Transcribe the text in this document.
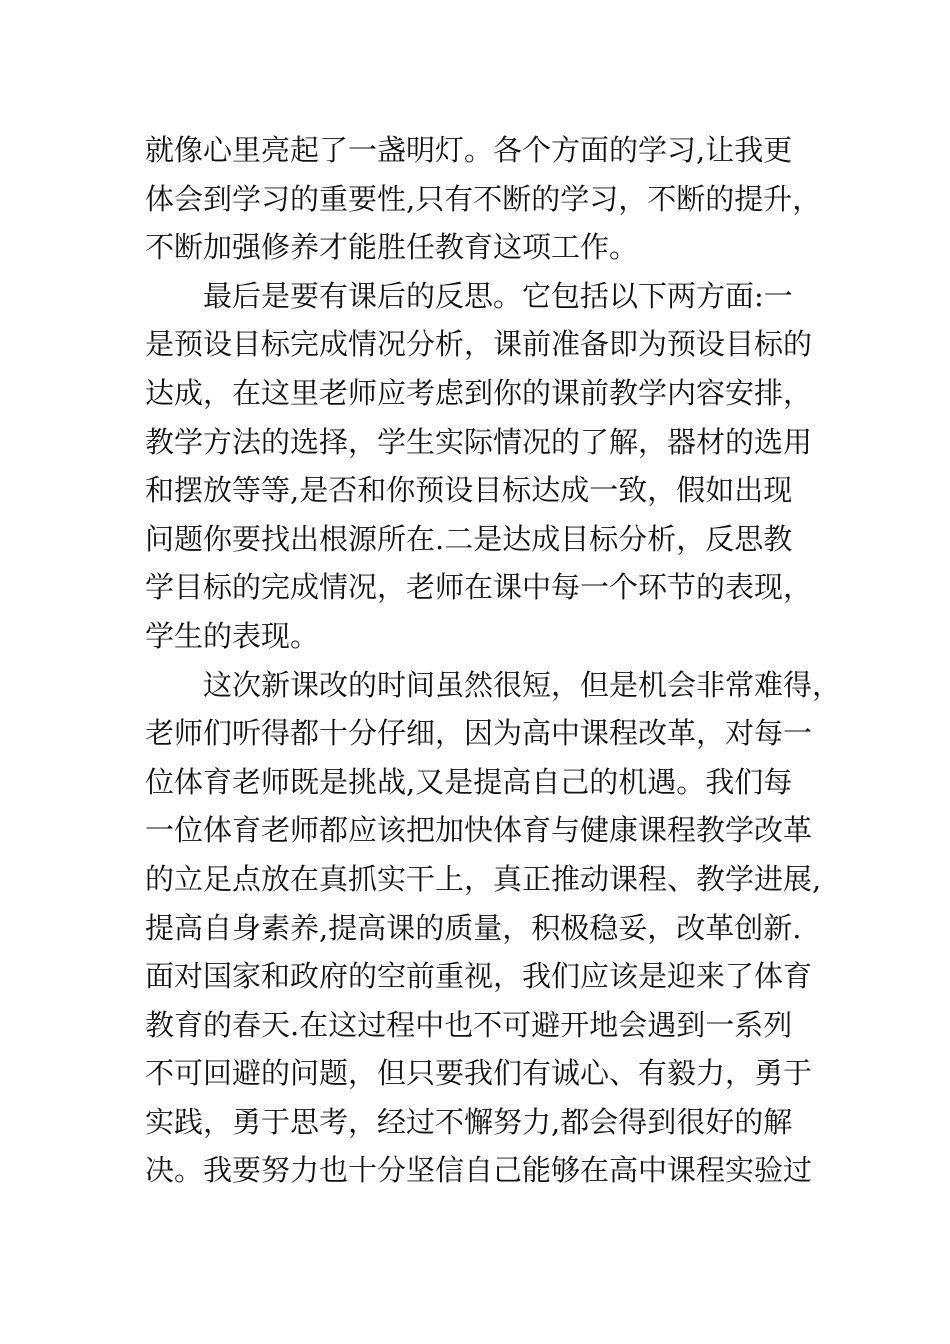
就像心里亮起了一盏明灯。各个方面的学习,让我更
体会到学习的重要性,只有不断的学习，不断的提升，
不断加强修养才能胜任教育这项工作。
最后是要有课后的反思。它包括以下两方面:一
是预设目标完成情况分析，课前准备即为预设目标的
达成，在这里老师应考虑到你的课前教学内容安排，
教学方法的选择，学生实际情况的了解，器材的选用
和摆放等等,是否和你预设目标达成一致，假如出现
问题你要找出根源所在.二是达成目标分析，反思教
学目标的完成情况，老师在课中每一个环节的表现，
学生的表现。
这次新课改的时间虽然很短，但是机会非常难得，
老师们听得都十分仔细，因为高中课程改革，对每一
位体育老师既是挑战,又是提高自己的机遇。我们每
一位体育老师都应该把加快体育与健康课程教学改革
的立足点放在真抓实干上，真正推动课程、教学进展,
提高自身素养,提高课的质量，积极稳妥，改革创新.
面对国家和政府的空前重视，我们应该是迎来了体育
教育的春天.在这过程中也不可避开地会遇到一系列
不可回避的问题，但只要我们有诚心、有毅力，勇于
实践，勇于思考，经过不懈努力,都会得到很好的解
决。我要努力也十分坚信自己能够在高中课程实验过
